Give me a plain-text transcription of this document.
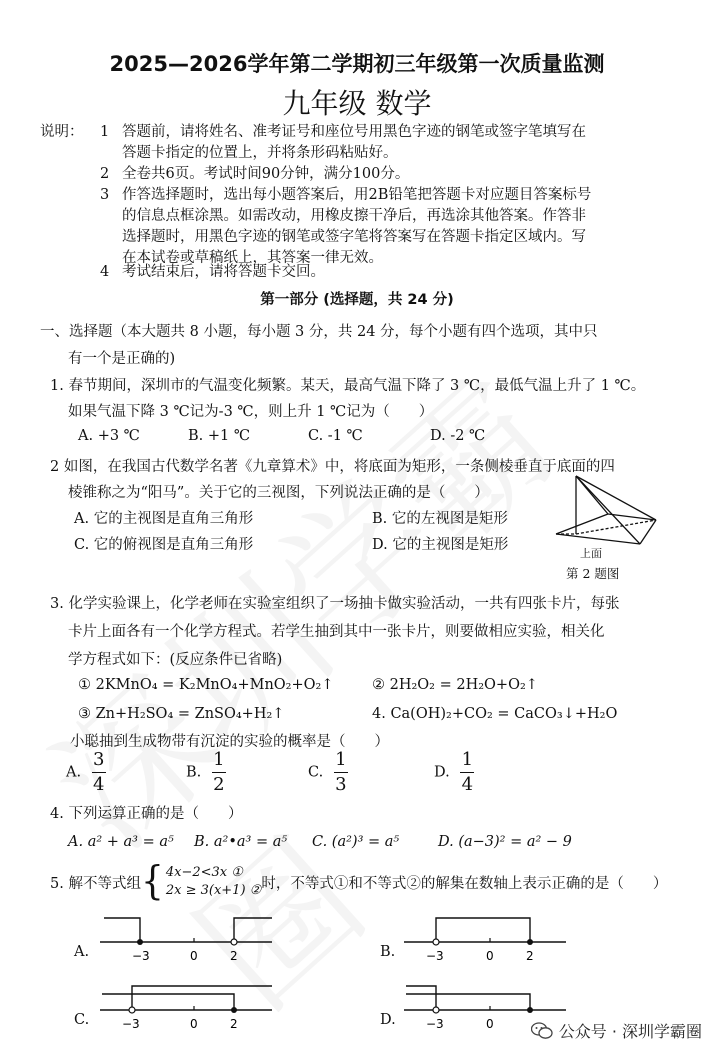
2025—2026学年第二学期初三年级第一次质量监测
九年级 数学
说明： 1 答题前，请将姓名、准考证号和座位号用黑色字迹的钢笔或签字笔填写在
答题卡指定的位置上，并将条形码粘贴好。
2 全卷共6页。考试时间90分钟，满分100分。
3 作答选择题时，选出每小题答案后，用2B铅笔把答题卡对应题目答案标号
的信息点框涂黑。如需改动，用橡皮擦干净后，再选涂其他答案。作答非
选择题时，用黑色字迹的钢笔或签字笔将答案写在答题卡指定区域内。写
在本试卷或草稿纸上，其答案一律无效。
4 考试结束后，请将答题卡交回。
第一部分 (选择题，共 24 分)
一、选择题（本大题共 8 小题，每小题 3 分，共 24 分，每个小题有四个选项，其中只
有一个是正确的)
1. 春节期间，深圳市的气温变化频繁。某天，最高气温下降了 3 ℃，最低气温上升了 1 ℃。
如果气温下降 3 ℃记为-3 ℃，则上升 1 ℃记为（　　）
A. +3 ℃	B. +1 ℃	C. -1 ℃	D. -2 ℃
2 如图，在我国古代数学名著《九章算术》中，将底面为矩形，一条侧棱垂直于底面的四
棱锥称之为“阳马”。关于它的三视图，下列说法正确的是（　　）
A. 它的主视图是直角三角形	B. 它的左视图是矩形
C. 它的俯视图是直角三角形	D. 它的主视图是矩形
上面
第 2 题图
3. 化学实验课上，化学老师在实验室组织了一场抽卡做实验活动，一共有四张卡片，每张
卡片上面各有一个化学方程式。若学生抽到其中一张卡片，则要做相应实验，相关化
学方程式如下：(反应条件已省略)
① 2KMnO₄ = K₂MnO₄+MnO₂+O₂↑	② 2H₂O₂ = 2H₂O+O₂↑
③ Zn+H₂SO₄ = ZnSO₄+H₂↑	4. Ca(OH)₂+CO₂ = CaCO₃↓+H₂O
小聪抽到生成物带有沉淀的实验的概率是（　　）
A. $\frac{3}{4}$	B. $\frac{1}{2}$	C. $\frac{1}{3}$	D. $\frac{1}{4}$
4. 下列运算正确的是（　　）
A. a² + a³ = a⁵ B. a²•a³ = a⁵ C. (a²)³ = a⁵	D. (a−3)² = a² − 9
5. 解不等式组 { 4x−2<3x ①
2x ≥ 3(x+1) ② 时，不等式①和不等式②的解集在数轴上表示正确的是（　　）
A.	−3	0	2	B.	−3	0	2
C.	−3	0	2	D.	−3	0	公众号 · 深圳学霸圈
